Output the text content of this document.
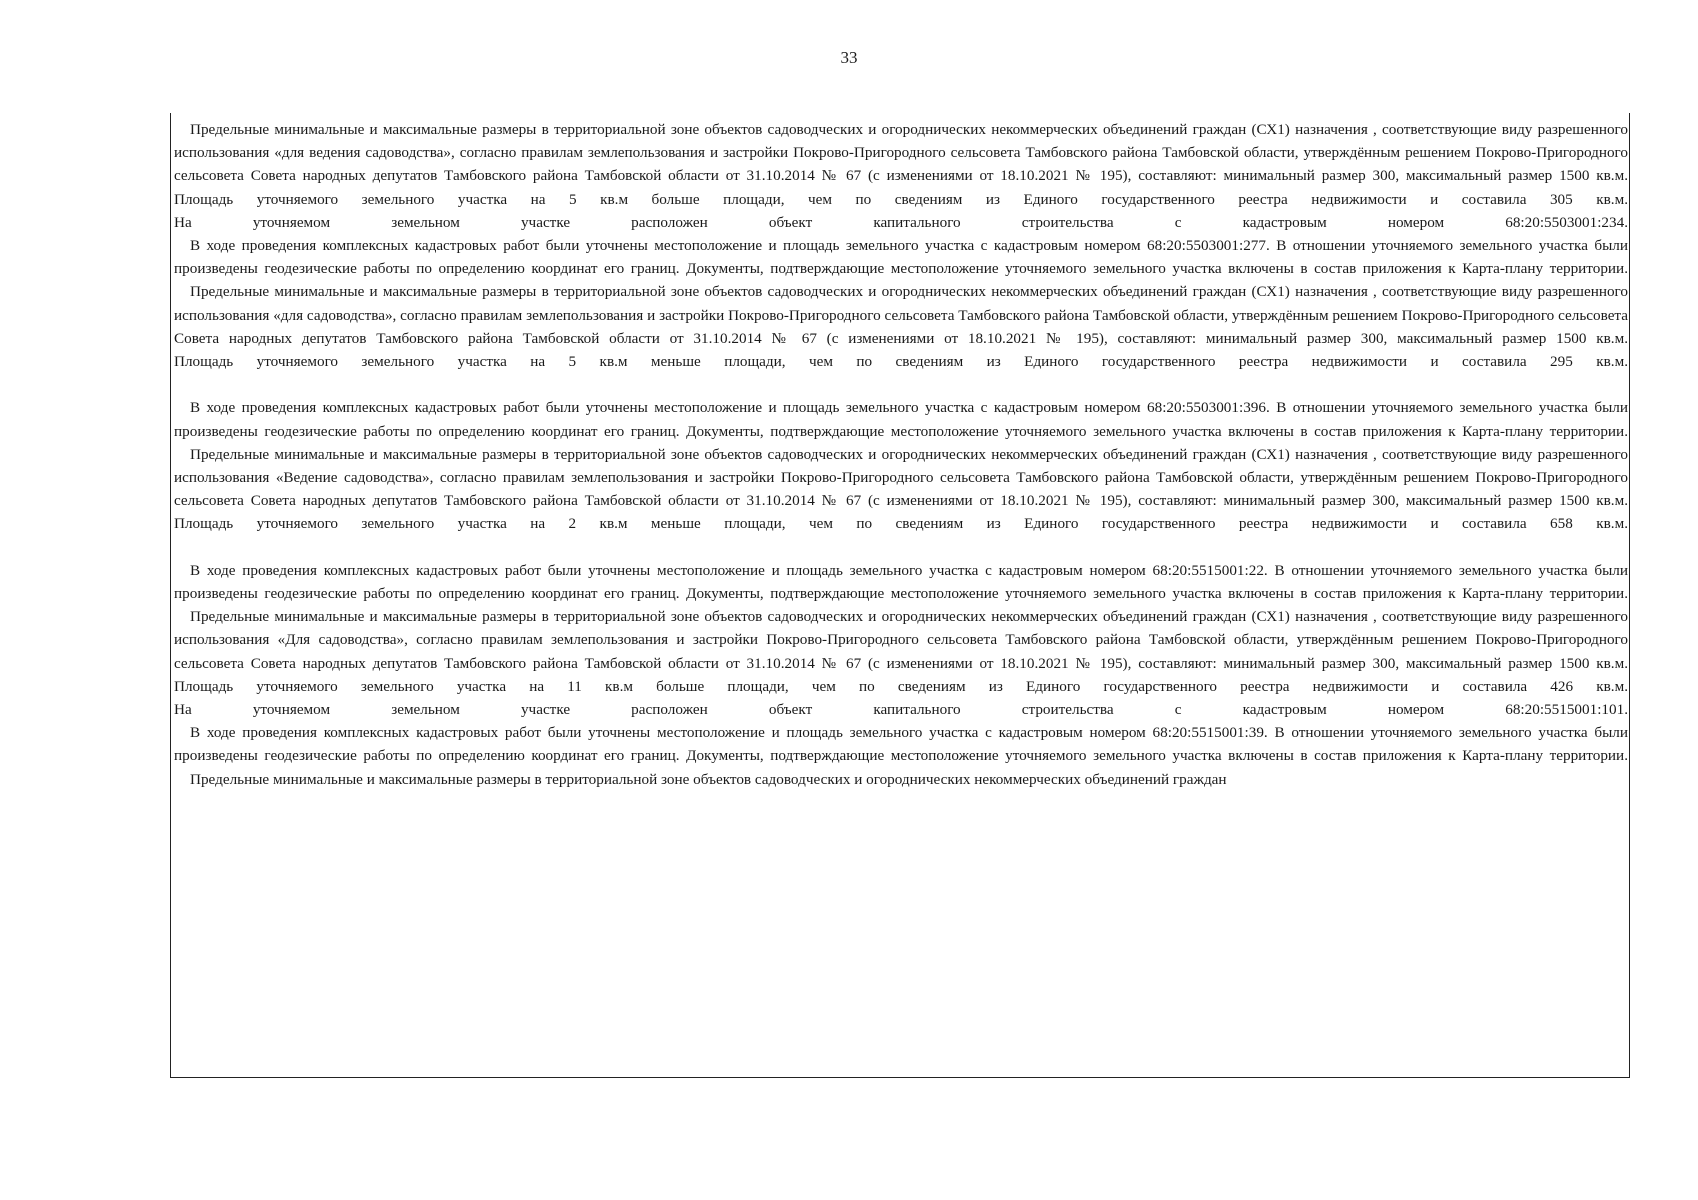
33
Предельные минимальные и максимальные размеры в территориальной зоне объектов садоводческих и огороднических некоммерческих объединений граждан (СХ1) назначения , соответствующие виду разрешенного использования «для ведения садоводства», согласно правилам землепользования и застройки Покрово-Пригородного сельсовета Тамбовского района Тамбовской области, утверждённым решением Покрово-Пригородного сельсовета Совета народных депутатов Тамбовского района Тамбовской области от 31.10.2014 № 67 (с изменениями от 18.10.2021 № 195), составляют: минимальный размер 300, максимальный размер 1500 кв.м.
Площадь уточняемого земельного участка на 5 кв.м больше площади, чем по сведениям из Единого государственного реестра недвижимости и составила 305 кв.м.
На уточняемом земельном участке расположен объект капитального строительства с кадастровым номером 68:20:5503001:234.
В ходе проведения комплексных кадастровых работ были уточнены местоположение и площадь земельного участка с кадастровым номером 68:20:5503001:277. В отношении уточняемого земельного участка были произведены геодезические работы по определению координат его границ. Документы, подтверждающие местоположение уточняемого земельного участка включены в состав приложения к Карта-плану территории.
Предельные минимальные и максимальные размеры в территориальной зоне объектов садоводческих и огороднических некоммерческих объединений граждан (СХ1) назначения , соответствующие виду разрешенного использования «для садоводства», согласно правилам землепользования и застройки Покрово-Пригородного сельсовета Тамбовского района Тамбовской области, утверждённым решением Покрово-Пригородного сельсовета Совета народных депутатов Тамбовского района Тамбовской области от 31.10.2014 № 67 (с изменениями от 18.10.2021 № 195), составляют: минимальный размер 300, максимальный размер 1500 кв.м.
Площадь уточняемого земельного участка на 5 кв.м меньше площади, чем по сведениям из Единого государственного реестра недвижимости и составила 295 кв.м.
В ходе проведения комплексных кадастровых работ были уточнены местоположение и площадь земельного участка с кадастровым номером 68:20:5503001:396. В отношении уточняемого земельного участка были произведены геодезические работы по определению координат его границ. Документы, подтверждающие местоположение уточняемого земельного участка включены в состав приложения к Карта-плану территории.
Предельные минимальные и максимальные размеры в территориальной зоне объектов садоводческих и огороднических некоммерческих объединений граждан (СХ1) назначения , соответствующие виду разрешенного использования «Ведение садоводства», согласно правилам землепользования и застройки Покрово-Пригородного сельсовета Тамбовского района Тамбовской области, утверждённым решением Покрово-Пригородного сельсовета Совета народных депутатов Тамбовского района Тамбовской области от 31.10.2014 № 67 (с изменениями от 18.10.2021 № 195), составляют: минимальный размер 300, максимальный размер 1500 кв.м.
Площадь уточняемого земельного участка на 2 кв.м меньше площади, чем по сведениям из Единого государственного реестра недвижимости и составила 658 кв.м.
В ходе проведения комплексных кадастровых работ были уточнены местоположение и площадь земельного участка с кадастровым номером 68:20:5515001:22. В отношении уточняемого земельного участка были произведены геодезические работы по определению координат его границ. Документы, подтверждающие местоположение уточняемого земельного участка включены в состав приложения к Карта-плану территории.
Предельные минимальные и максимальные размеры в территориальной зоне объектов садоводческих и огороднических некоммерческих объединений граждан (СХ1) назначения , соответствующие виду разрешенного использования «Для садоводства», согласно правилам землепользования и застройки Покрово-Пригородного сельсовета Тамбовского района Тамбовской области, утверждённым решением Покрово-Пригородного сельсовета Совета народных депутатов Тамбовского района Тамбовской области от 31.10.2014 № 67 (с изменениями от 18.10.2021 № 195), составляют: минимальный размер 300, максимальный размер 1500 кв.м.
Площадь уточняемого земельного участка на 11 кв.м больше площади, чем по сведениям из Единого государственного реестра недвижимости и составила 426 кв.м.
На уточняемом земельном участке расположен объект капитального строительства с кадастровым номером 68:20:5515001:101.
В ходе проведения комплексных кадастровых работ были уточнены местоположение и площадь земельного участка с кадастровым номером 68:20:5515001:39. В отношении уточняемого земельного участка были произведены геодезические работы по определению координат его границ. Документы, подтверждающие местоположение уточняемого земельного участка включены в состав приложения к Карта-плану территории.
Предельные минимальные и максимальные размеры в территориальной зоне объектов садоводческих и огороднических некоммерческих объединений граждан
